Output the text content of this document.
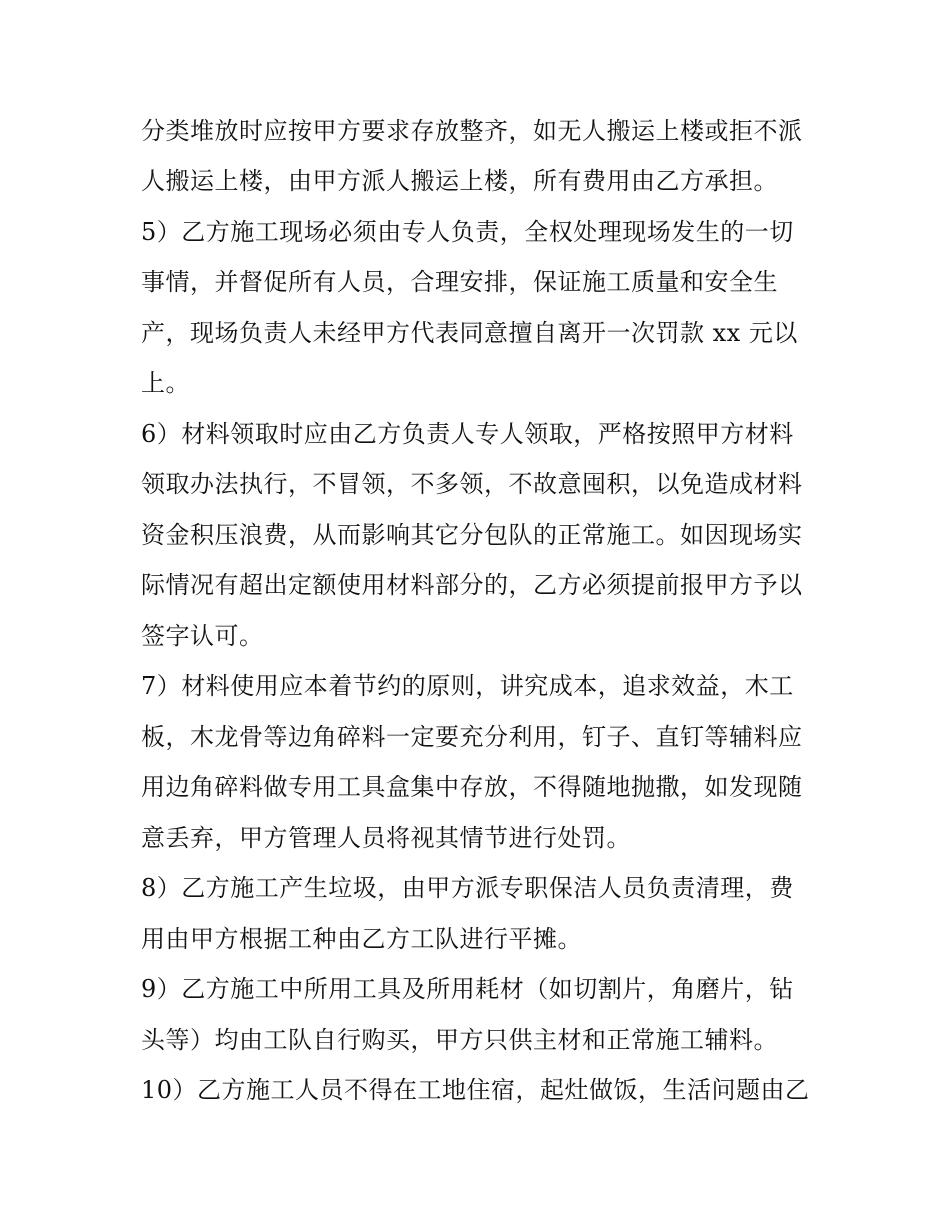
分类堆放时应按甲方要求存放整齐，如无人搬运上楼或拒不派
人搬运上楼，由甲方派人搬运上楼，所有费用由乙方承担。
5）乙方施工现场必须由专人负责，全权处理现场发生的一切
事情，并督促所有人员，合理安排，保证施工质量和安全生
产，现场负责人未经甲方代表同意擅自离开一次罚款 xx 元以
上。
6）材料领取时应由乙方负责人专人领取，严格按照甲方材料
领取办法执行，不冒领，不多领，不故意囤积，以免造成材料
资金积压浪费，从而影响其它分包队的正常施工。如因现场实
际情况有超出定额使用材料部分的，乙方必须提前报甲方予以
签字认可。
7）材料使用应本着节约的原则，讲究成本，追求效益，木工
板，木龙骨等边角碎料一定要充分利用，钉子、直钉等辅料应
用边角碎料做专用工具盒集中存放，不得随地抛撒，如发现随
意丢弃，甲方管理人员将视其情节进行处罚。
8）乙方施工产生垃圾，由甲方派专职保洁人员负责清理，费
用由甲方根据工种由乙方工队进行平摊。
9）乙方施工中所用工具及所用耗材（如切割片，角磨片，钻
头等）均由工队自行购买，甲方只供主材和正常施工辅料。
10）乙方施工人员不得在工地住宿，起灶做饭，生活问题由乙
